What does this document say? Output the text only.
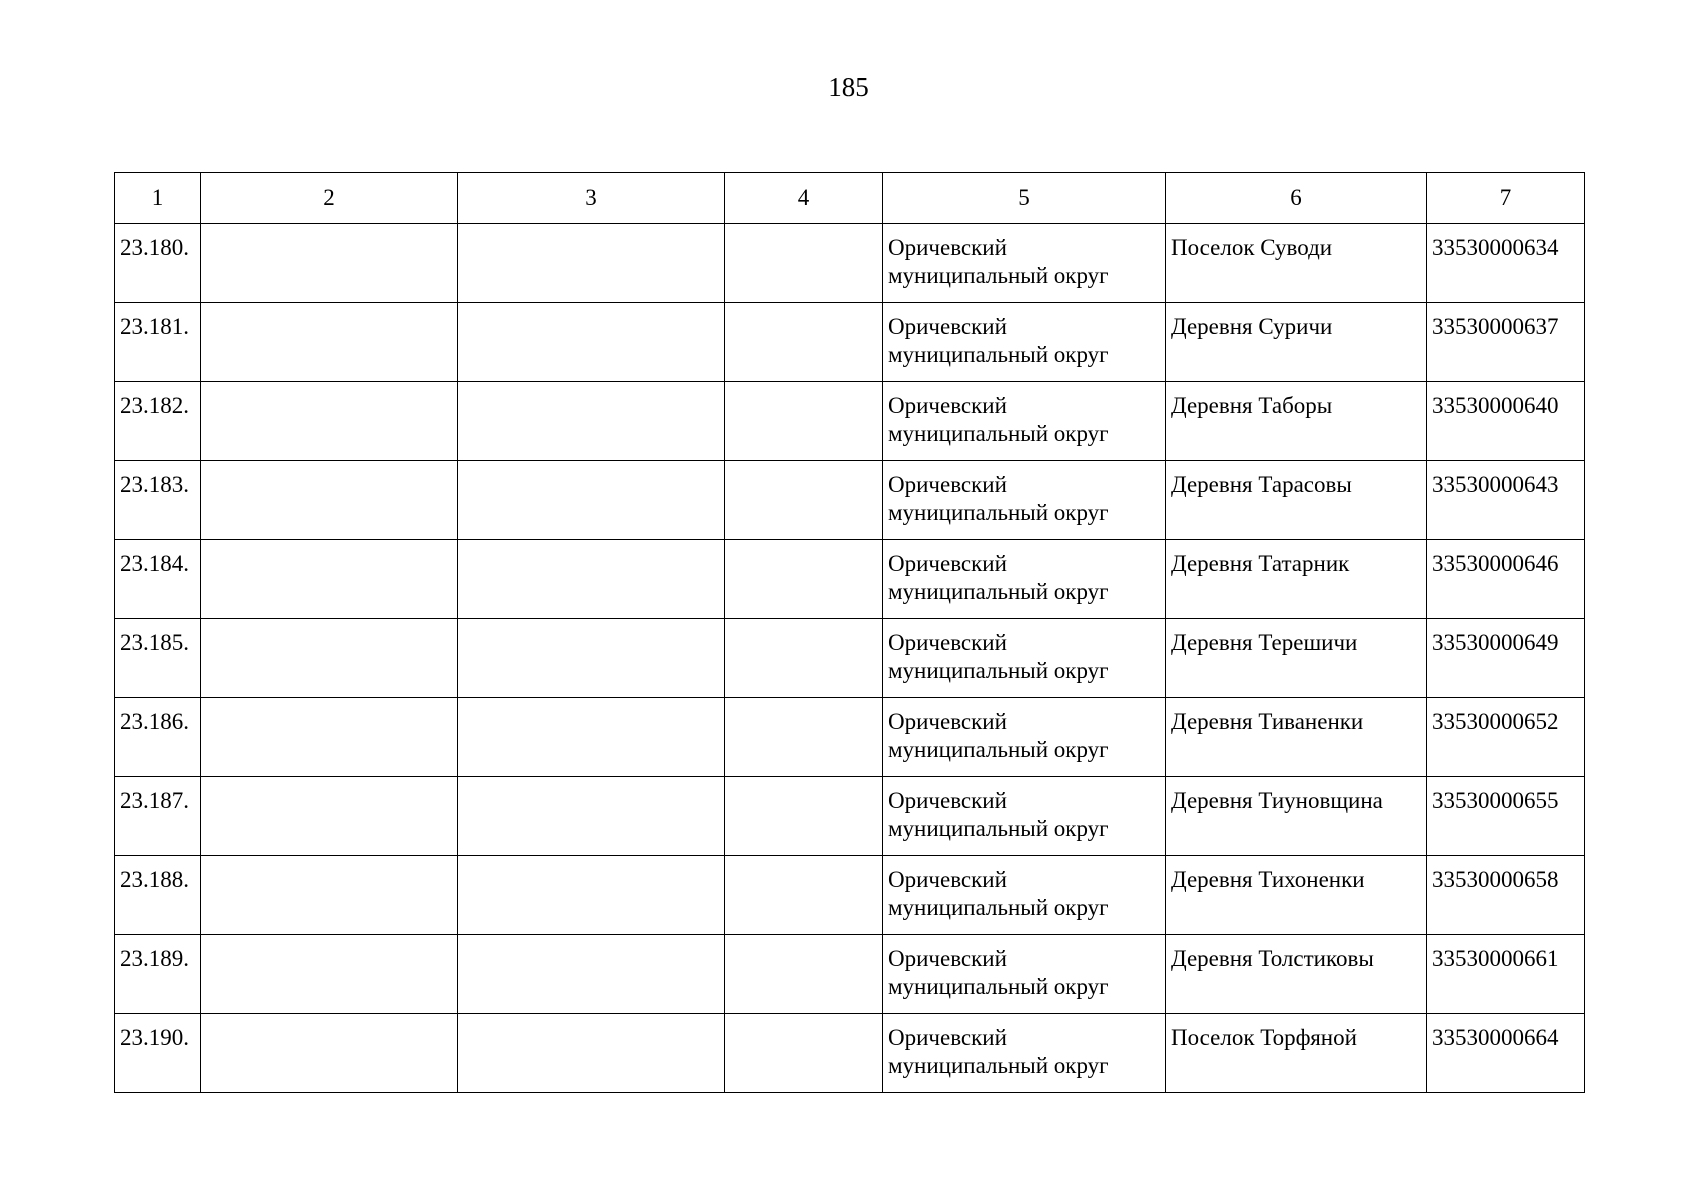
185
1	2	3	4	5	6	7

23.180.				Оричевский
муниципальный округ	Поселок Суводи	33530000634

23.181.				Оричевский
муниципальный округ	Деревня Суричи	33530000637

23.182.				Оричевский
муниципальный округ	Деревня Таборы	33530000640

23.183.				Оричевский
муниципальный округ	Деревня Тарасовы	33530000643

23.184.				Оричевский
муниципальный округ	Деревня Татарник	33530000646

23.185.				Оричевский
муниципальный округ	Деревня Терешичи	33530000649

23.186.				Оричевский
муниципальный округ	Деревня Тиваненки	33530000652

23.187.				Оричевский
муниципальный округ	Деревня Тиуновщина	33530000655

23.188.				Оричевский
муниципальный округ	Деревня Тихоненки	33530000658

23.189.				Оричевский
муниципальный округ	Деревня Толстиковы	33530000661

23.190.				Оричевский
муниципальный округ	Поселок Торфяной	33530000664
